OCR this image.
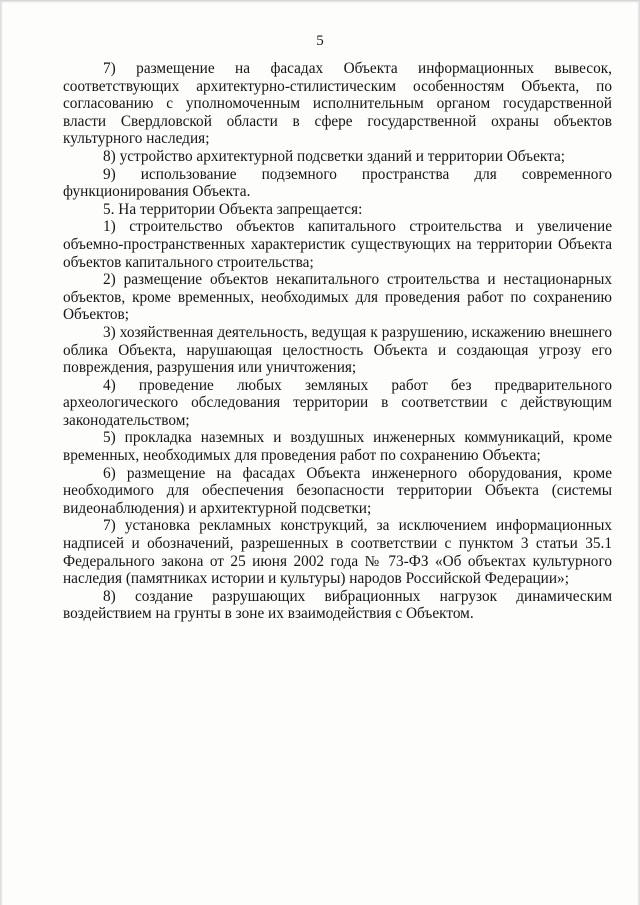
5

7) размещение на фасадах Объекта информационных вывесок, соответствующих архитектурно-стилистическим особенностям Объекта, по согласованию с уполномоченным исполнительным органом государственной власти Свердловской области в сфере государственной охраны объектов культурного наследия;

8) устройство архитектурной подсветки зданий и территории Объекта;

9) использование подземного пространства для современного функционирования Объекта.

5. На территории Объекта запрещается:

1) строительство объектов капитального строительства и увеличение объемно-пространственных характеристик существующих на территории Объекта объектов капитального строительства;

2) размещение объектов некапитального строительства и нестационарных объектов, кроме временных, необходимых для проведения работ по сохранению Объектов;

3) хозяйственная деятельность, ведущая к разрушению, искажению внешнего облика Объекта, нарушающая целостность Объекта и создающая угрозу его повреждения, разрушения или уничтожения;

4) проведение любых земляных работ без предварительного археологического обследования территории в соответствии с действующим законодательством;

5) прокладка наземных и воздушных инженерных коммуникаций, кроме временных, необходимых для проведения работ по сохранению Объекта;

6) размещение на фасадах Объекта инженерного оборудования, кроме необходимого для обеспечения безопасности территории Объекта (системы видеонаблюдения) и архитектурной подсветки;

7) установка рекламных конструкций, за исключением информационных надписей и обозначений, разрешенных в соответствии с пунктом 3 статьи 35.1 Федерального закона от 25 июня 2002 года № 73-ФЗ «Об объектах культурного наследия (памятниках истории и культуры) народов Российской Федерации»;

8) создание разрушающих вибрационных нагрузок динамическим воздействием на грунты в зоне их взаимодействия с Объектом.
